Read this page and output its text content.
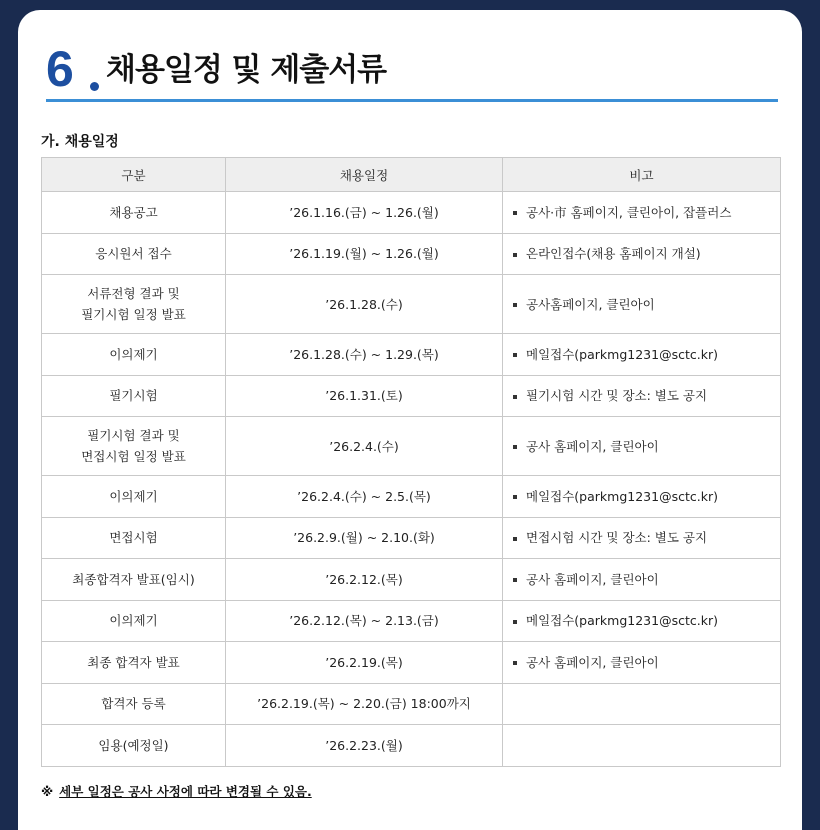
6 채용일정 및 제출서류
가. 채용일정
구분	채용일정	비고
채용공고	’26.1.16.(금) ~ 1.26.(월)	공사·市 홈페이지, 클린아이, 잡플러스
응시원서 접수	’26.1.19.(월) ~ 1.26.(월)	온라인접수(채용 홈페이지 개설)
서류전형 결과 및
필기시험 일정 발표	’26.1.28.(수)	공사홈페이지, 클린아이
이의제기	’26.1.28.(수) ~ 1.29.(목)	메일접수(parkmg1231@sctc.kr)
필기시험	’26.1.31.(토)	필기시험 시간 및 장소: 별도 공지
필기시험 결과 및
면접시험 일정 발표	’26.2.4.(수)	공사 홈페이지, 클린아이
이의제기	’26.2.4.(수) ~ 2.5.(목)	메일접수(parkmg1231@sctc.kr)
면접시험	’26.2.9.(월) ~ 2.10.(화)	면접시험 시간 및 장소: 별도 공지
최종합격자 발표(임시)	’26.2.12.(목)	공사 홈페이지, 클린아이
이의제기	’26.2.12.(목) ~ 2.13.(금)	메일접수(parkmg1231@sctc.kr)
최종 합격자 발표	’26.2.19.(목)	공사 홈페이지, 클린아이
합격자 등록	’26.2.19.(목) ~ 2.20.(금) 18:00까지	
임용(예정일)	’26.2.23.(월)	
※ 세부 일정은 공사 사정에 따라 변경될 수 있음.
